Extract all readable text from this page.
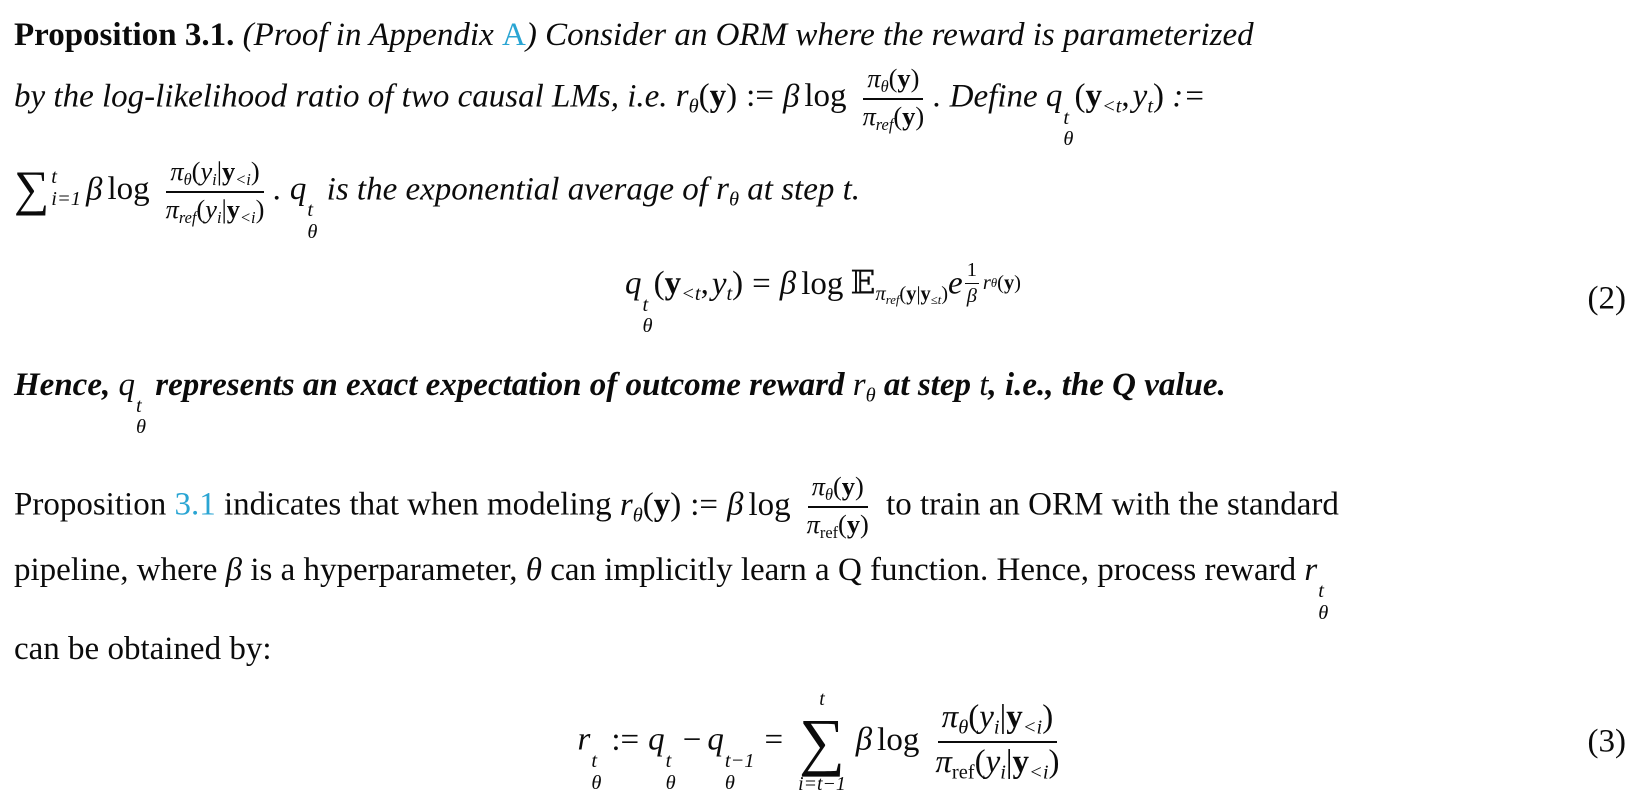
Proposition 3.1. (Proof in Appendix A) Consider an ORM where the reward is parameterized
by the log-likelihood ratio of two causal LMs, i.e. rθ(y) := β $\log \frac{\pi\theta(y)}{\text{πref(y)}}$ . Define q
t
θ
(y<t,yt) :=
∑ t
i=1 β $\log \frac{\pi\theta(yi|y<i)}{\text{πref(yi|y<i)}}$ . q
t
θ
is the exponential average of rθ at step t.
q
t
θ
(y<t,yt) = β log 𝔼πref(y|y≤t)e $\frac{1}{\beta}$ r θ ( y )	(2)
Hence, q
t
θ
represents an exact expectation of outcome reward rθ at step t, i.e., the Q value.
Proposition 3.1 indicates that when modeling rθ(y) := β $\log \frac{\pi\theta(y)}{\text{πref(y)}}$ to train an ORM with the standard
pipeline, where β is a hyperparameter, θ can implicitly learn a Q function. Hence, process reward r
t
θ
can be obtained by:
r
t
θ
:= q
t
θ
− q
t−1
θ
=
t
∑
i=t−1
β $\log \frac{\pi\theta(yi|y<i)}{\text{πref(yi|y<i)}}$	(3)
